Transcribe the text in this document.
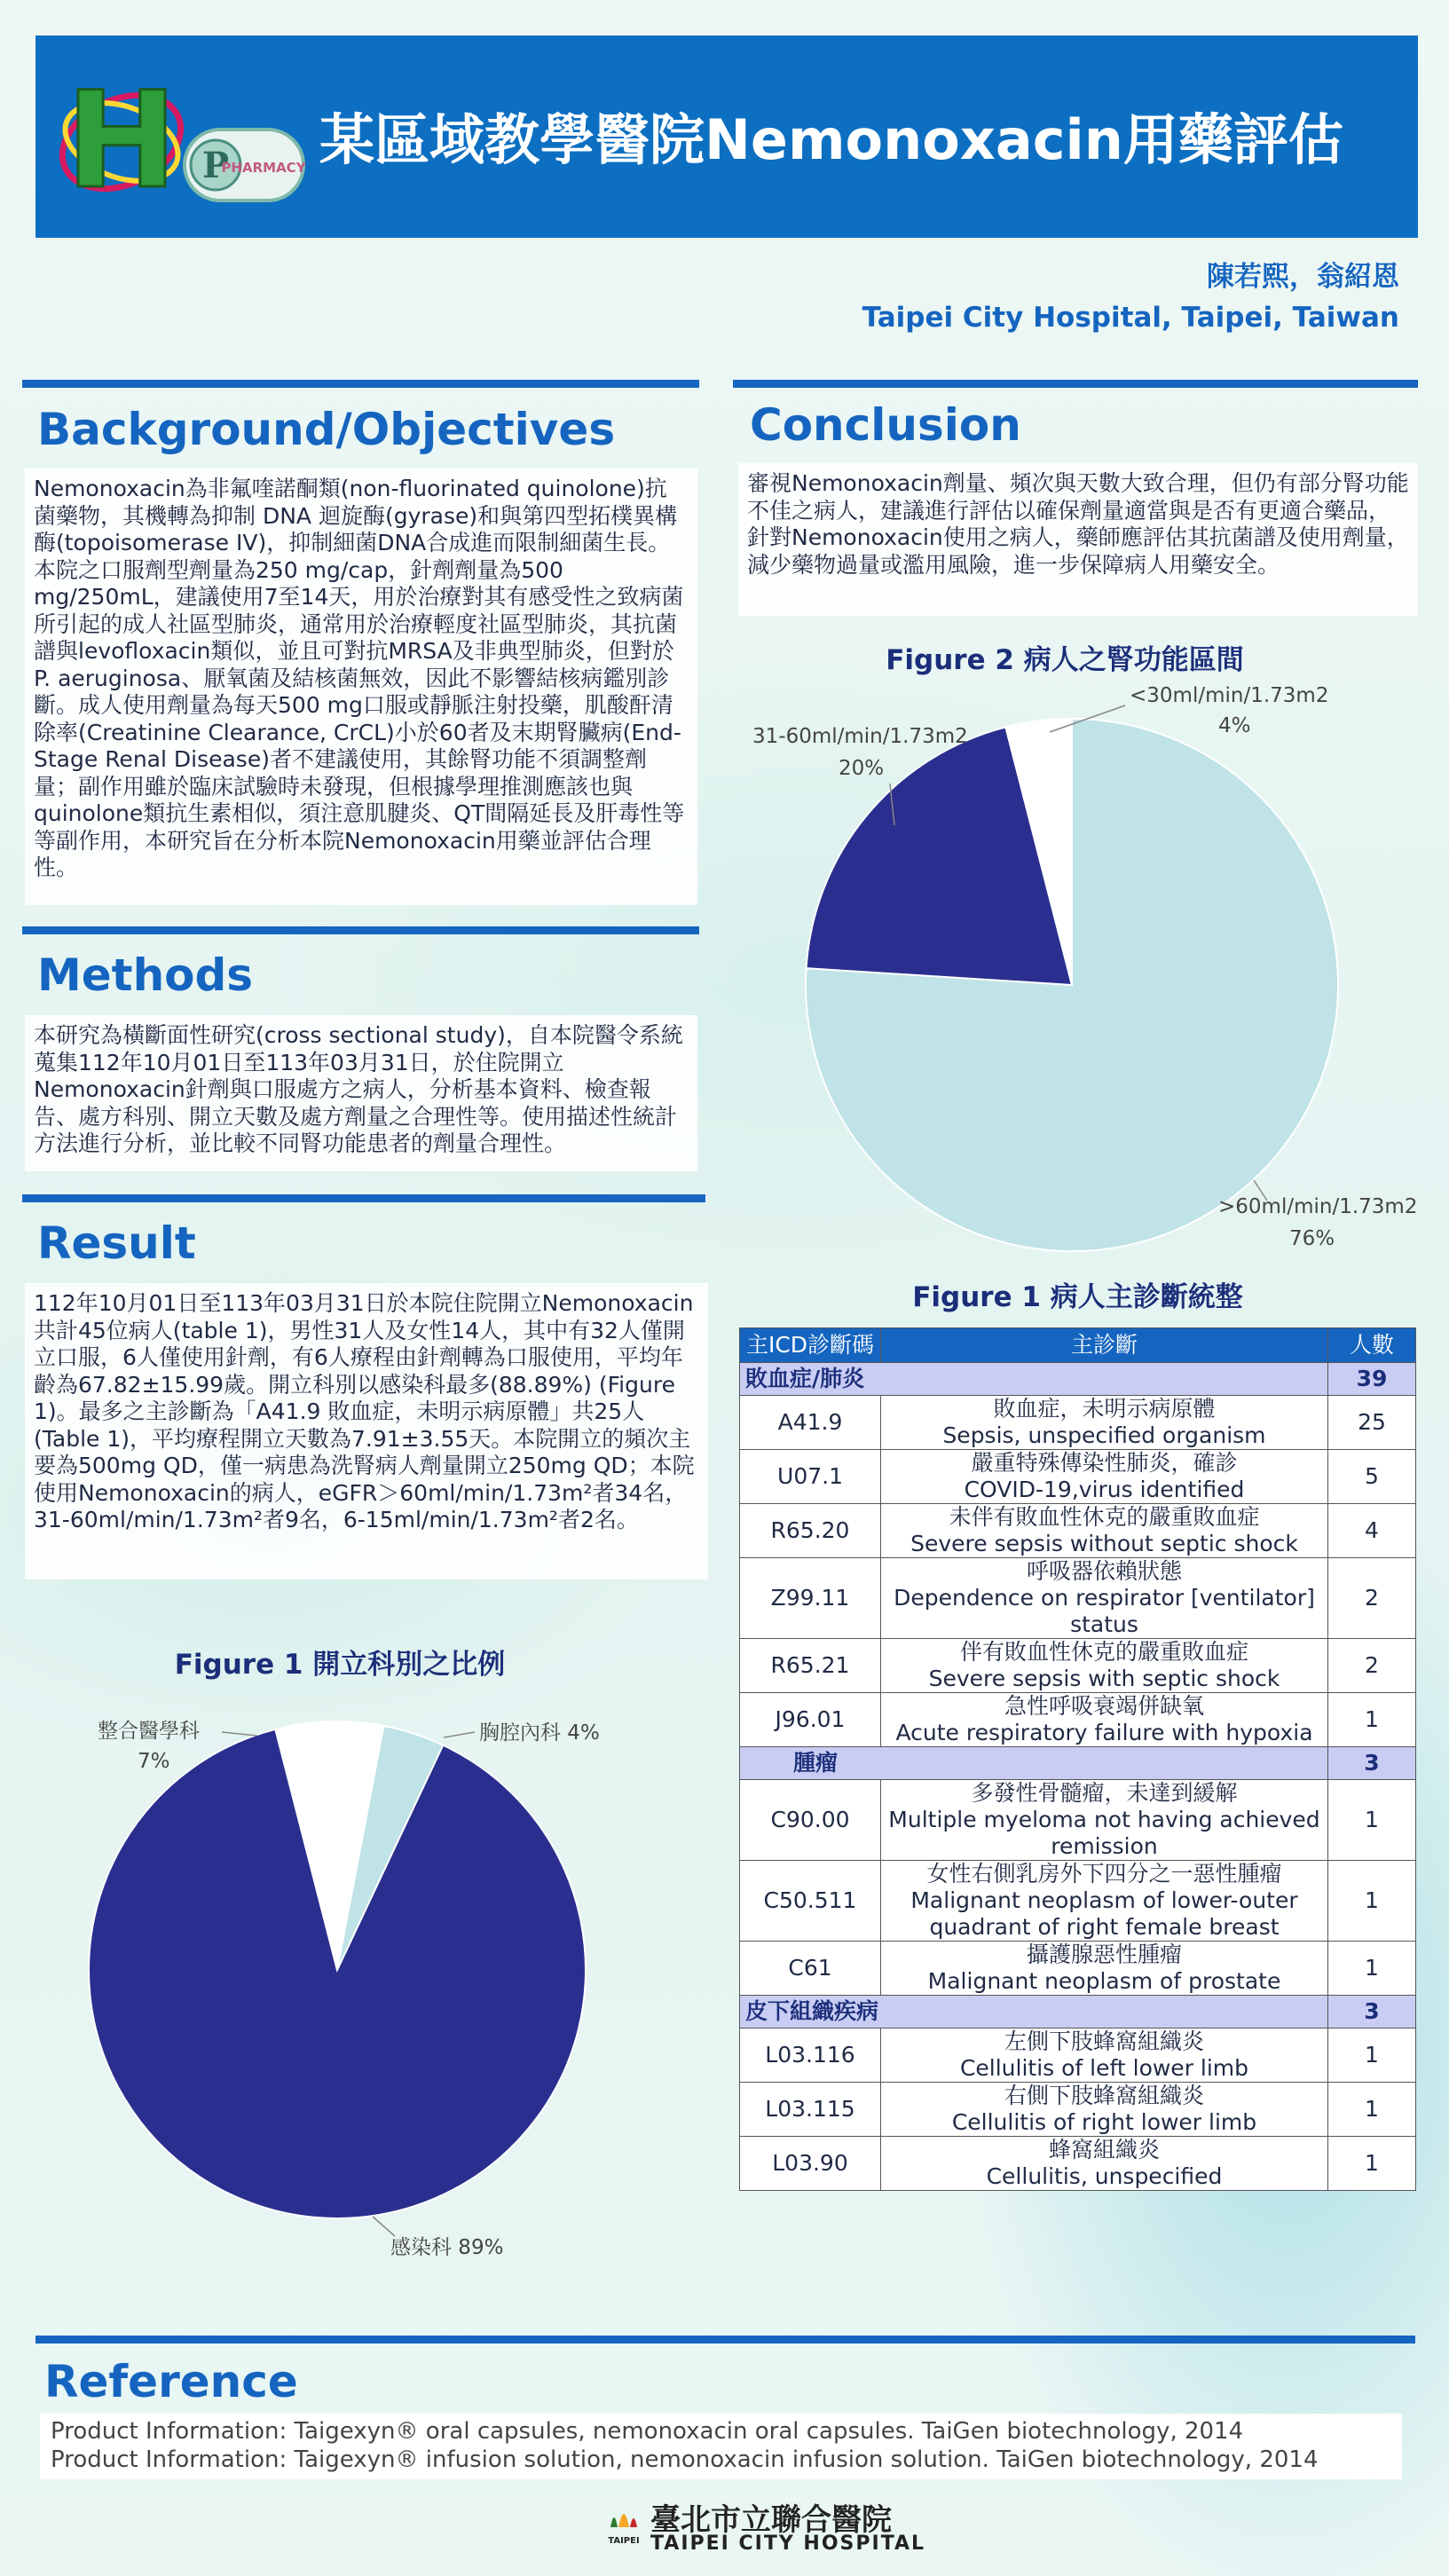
H P
PHARMACY 某區域教學醫院Nemonoxacin用藥評估
陳若熙，翁紹恩
Taipei City Hospital, Taipei, Taiwan
Background/Objectives
Nemonoxacin為非氟喹諾酮類(non-fluorinated quinolone)抗菌藥物，其機轉為抑制 DNA 迴旋酶(gyrase)和與第四型拓樸異構酶(topoisomerase IV)，抑制細菌DNA合成進而限制細菌生長。本院之口服劑型劑量為250 mg/cap，針劑劑量為500 mg/250mL，建議使用7至14天，用於治療對其有感受性之致病菌所引起的成人社區型肺炎，通常用於治療輕度社區型肺炎，其抗菌譜與levofloxacin類似，並且可對抗MRSA及非典型肺炎，但對於P. aeruginosa、厭氧菌及結核菌無效，因此不影響結核病鑑別診斷。成人使用劑量為每天500 mg口服或靜脈注射投藥，肌酸酐清除率(Creatinine Clearance, CrCL)小於60者及末期腎臟病(End-Stage Renal Disease)者不建議使用，其餘腎功能不須調整劑量；副作用雖於臨床試驗時未發現，但根據學理推測應該也與quinolone類抗生素相似，須注意肌腱炎、QT間隔延長及肝毒性等等副作用，本研究旨在分析本院Nemonoxacin用藥並評估合理性。
Methods
本研究為橫斷面性研究(cross sectional study)，自本院醫令系統蒐集112年10月01日至113年03月31日，於住院開立Nemonoxacin針劑與口服處方之病人，分析基本資料、檢查報告、處方科別、開立天數及處方劑量之合理性等。使用描述性統計方法進行分析，並比較不同腎功能患者的劑量合理性。
Result
112年10月01日至113年03月31日於本院住院開立Nemonoxacin共計45位病人(table 1)，男性31人及女性14人，其中有32人僅開立口服，6人僅使用針劑，有6人療程由針劑轉為口服使用，平均年齡為67.82±15.99歲。開立科別以感染科最多(88.89%) (Figure 1)。最多之主診斷為「A41.9 敗血症，未明示病原體」共25人 (Table 1)，平均療程開立天數為7.91±3.55天。本院開立的頻次主要為500mg QD，僅一病患為洗腎病人劑量開立250mg QD；本院使用Nemonoxacin的病人，eGFR＞60ml/min/1.73m²者34名，31-60ml/min/1.73m²者9名，6-15ml/min/1.73m²者2名。
Figure 1 開立科別之比例
感染科 89%
整合醫學科
7%
胸腔內科 4%
Conclusion
審視Nemonoxacin劑量、頻次與天數大致合理，但仍有部分腎功能不佳之病人，建議進行評估以確保劑量適當與是否有更適合藥品，針對Nemonoxacin使用之病人，藥師應評估其抗菌譜及使用劑量，減少藥物過量或濫用風險，進一步保障病人用藥安全。
Figure 2 病人之腎功能區間
>60ml/min/1.73m2
76%
31-60ml/min/1.73m2
20%
<30ml/min/1.73m2
4%
Figure 1 病人主診斷統整
主ICD診斷碼	主診斷	人數
敗血症/肺炎		39
A41.9	敗血症，未明示病原體
Sepsis, unspecified organism	25
U07.1	嚴重特殊傳染性肺炎，確診
COVID-19,virus identified	5
R65.20	未伴有敗血性休克的嚴重敗血症
Severe sepsis without septic shock	4
Z99.11	呼吸器依賴狀態
Dependence on respirator [ventilator] status	2
R65.21	伴有敗血性休克的嚴重敗血症
Severe sepsis with septic shock	2
J96.01	急性呼吸衰竭併缺氧
Acute respiratory failure with hypoxia	1
腫瘤		3
C90.00	多發性骨髓瘤，未達到緩解
Multiple myeloma not having achieved remission	1
C50.511	女性右側乳房外下四分之一惡性腫瘤
Malignant neoplasm of lower-outer quadrant of right female breast	1
C61	攝護腺惡性腫瘤
Malignant neoplasm of prostate	1
皮下組織疾病		3
L03.116	左側下肢蜂窩組織炎
Cellulitis of left lower limb	1
L03.115	右側下肢蜂窩組織炎
Cellulitis of right lower limb	1
L03.90	蜂窩組織炎
Cellulitis, unspecified	1
Reference
Product Information: Taigexyn® oral capsules, nemonoxacin oral capsules. TaiGen biotechnology, 2014
Product Information: Taigexyn® infusion solution, nemonoxacin infusion solution. TaiGen biotechnology, 2014
TAIPEI
臺北市立聯合醫院
TAIPEI CITY HOSPITAL
